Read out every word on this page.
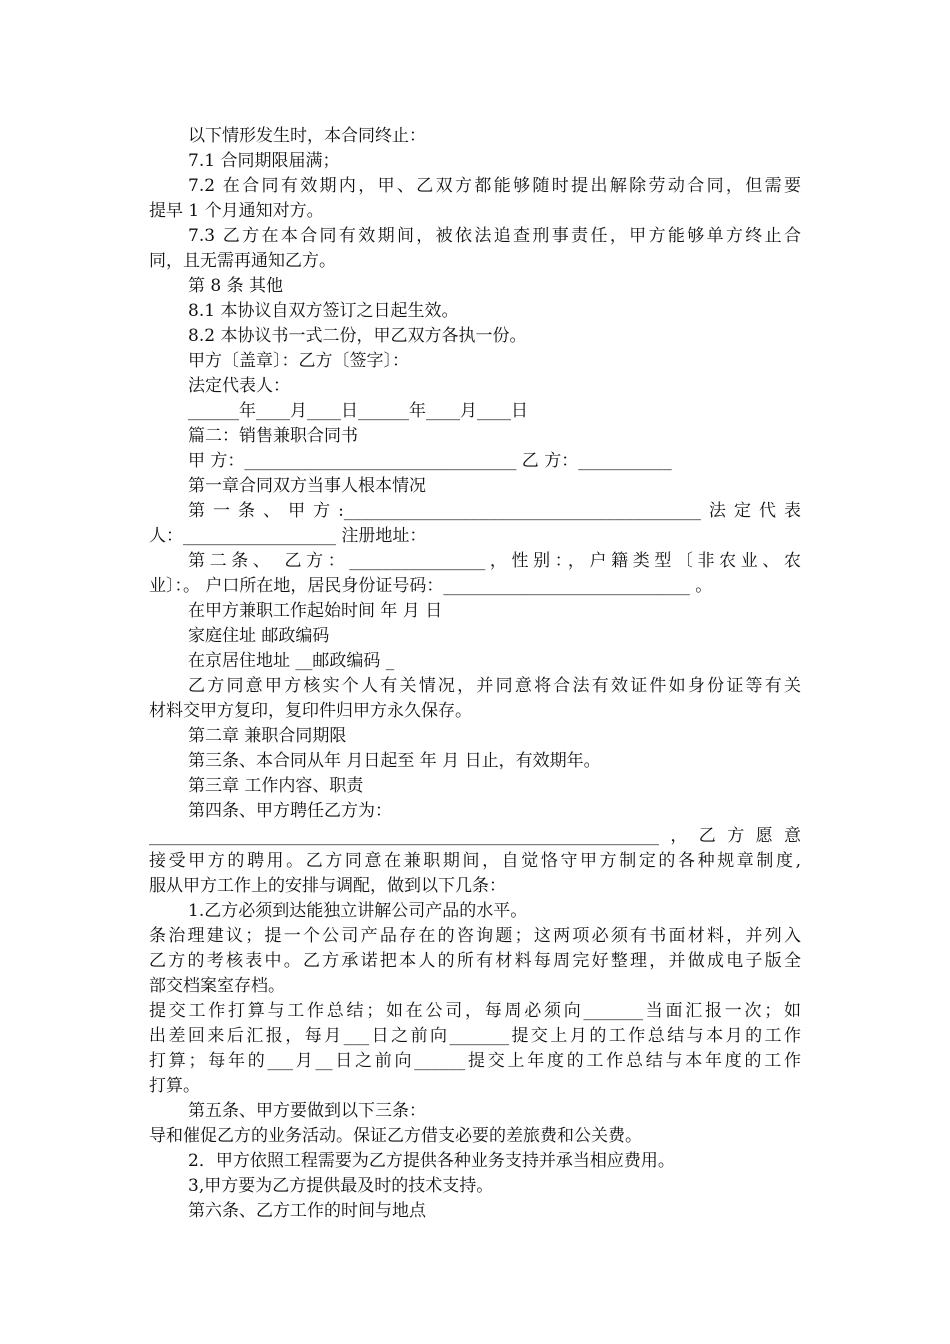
以下情形发生时，本合同终止：
7.1 合同期限届满；
7.2 在合同有效期内，甲、乙双方都能够随时提出解除劳动合同，但需要
提早 1 个月通知对方。
7.3 乙方在本合同有效期间，被依法追查刑事责任，甲方能够单方终止合
同，且无需再通知乙方。
第 8 条 其他
8.1 本协议自双方签订之日起生效。
8.2 本协议书一式二份，甲乙双方各执一份。
甲方〔盖章〕：乙方〔签字〕：
法定代表人：
______年____月____日______年____月____日
篇二：销售兼职合同书
甲 方：________________________________ 乙 方：___________
第一章合同双方当事人根本情况
第一条、甲方:__________________________________________法定代表
人：__________________ 注册地址：
第二条、 乙方：________________，性别：，户籍类型〔非农业、农
业〕：。 户口所在地，居民身份证号码：_____________________________ 。
在甲方兼职工作起始时间 年 月 日
家庭住址 邮政编码
在京居住地址 __邮政编码 _
乙方同意甲方核实个人有关情况，并同意将合法有效证件如身份证等有关
材料交甲方复印，复印件归甲方永久保存。
第二章 兼职合同期限
第三条、本合同从年 月日起至 年 月 日止，有效期年。
第三章 工作内容、职责
第四条、甲方聘任乙方为：
____________________________________________________________，乙方愿意
接受甲方的聘用。乙方同意在兼职期间，自觉恪守甲方制定的各种规章制度,
服从甲方工作上的安排与调配，做到以下几条：
1.乙方必须到达能独立讲解公司产品的水平。
条治理建议；提一个公司产品存在的咨询题；这两项必须有书面材料，并列入
乙方的考核表中。乙方承诺把本人的所有材料每周完好整理，并做成电子版全
部交档案室存档。
提交工作打算与工作总结；如在公司，每周必须向_______当面汇报一次；如
出差回来后汇报，每月___日之前向_______提交上月的工作总结与本月的工作
打算；每年的___月__日之前向______提交上年度的工作总结与本年度的工作
打算。
第五条、甲方要做到以下三条：
导和催促乙方的业务活动。保证乙方借支必要的差旅费和公关费。
2．甲方依照工程需要为乙方提供各种业务支持并承当相应费用。
3,甲方要为乙方提供最及时的技术支持。
第六条、乙方工作的时间与地点
